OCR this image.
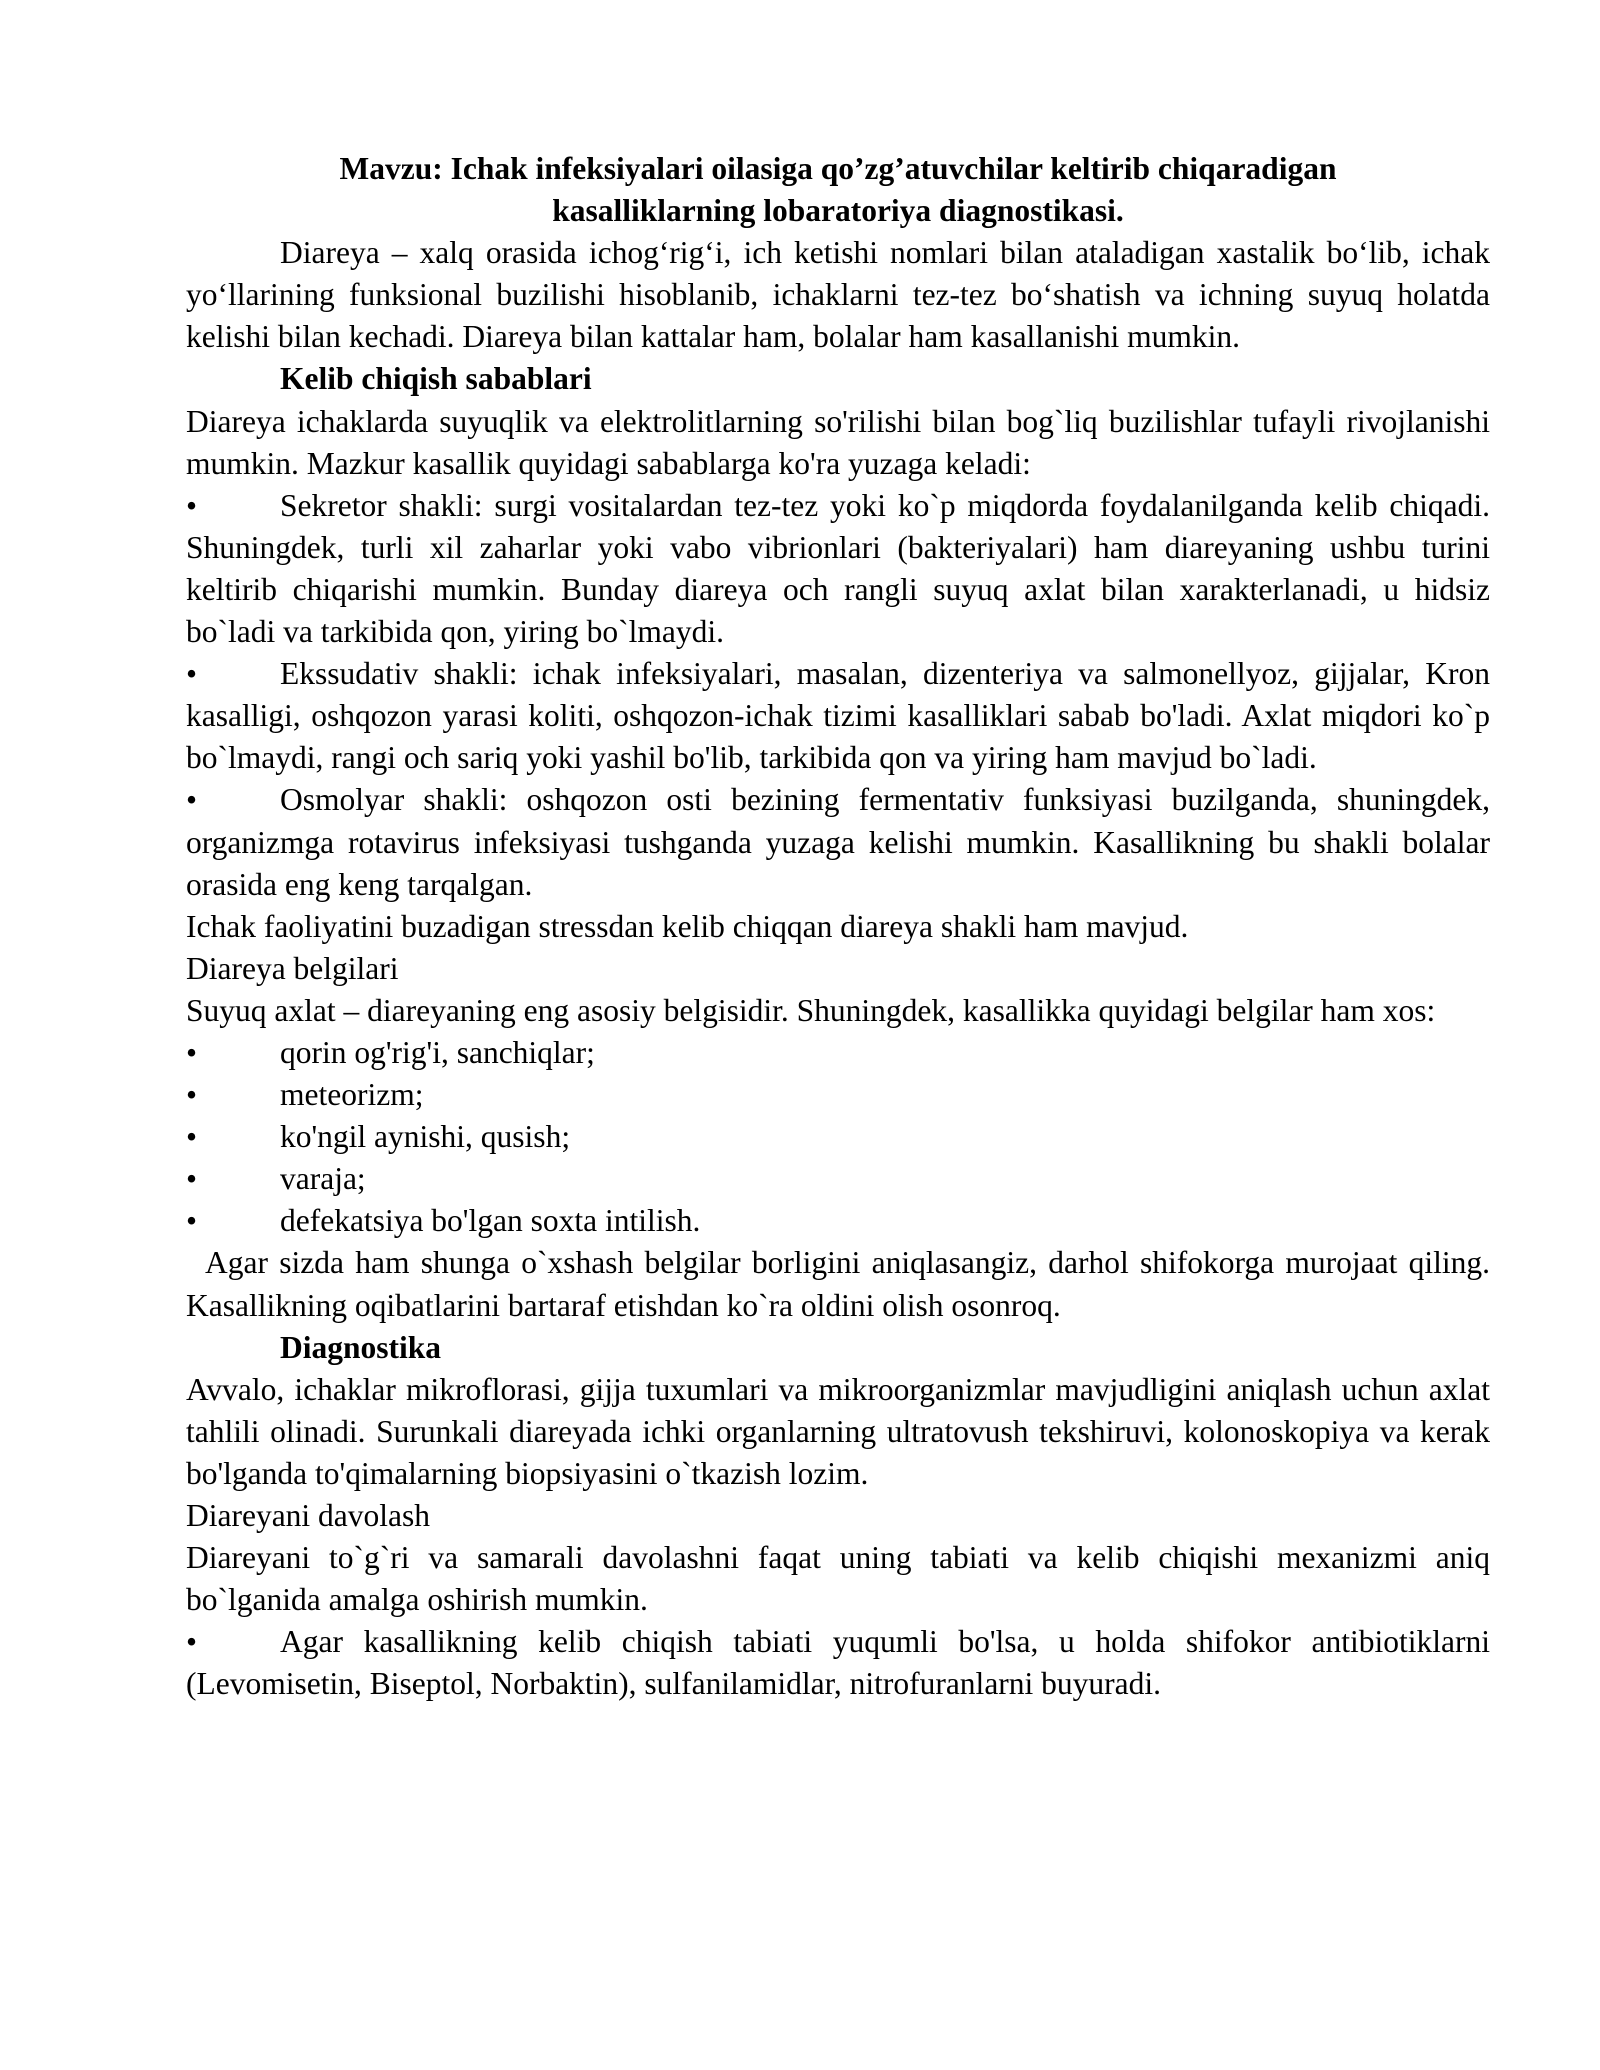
Mavzu: Ichak infeksiyalari oilasiga qo’zg’atuvchilar keltirib chiqaradigan
kasalliklarning lobaratoriya diagnostikasi.

Diareya – xalq orasida ichog‘rig‘i, ich ketishi nomlari bilan ataladigan xastalik bo‘lib, ichak yo‘llarining funksional buzilishi hisoblanib, ichaklarni tez-tez bo‘shatish va ichning suyuq holatda kelishi bilan kechadi. Diareya bilan kattalar ham, bolalar ham kasallanishi mumkin.

Kelib chiqish sabablari

Diareya ichaklarda suyuqlik va elektrolitlarning so'rilishi bilan bog`liq buzilishlar tufayli rivojlanishi mumkin. Mazkur kasallik quyidagi sabablarga ko'ra yuzaga keladi:

•	Sekretor shakli: surgi vositalardan tez-tez yoki ko`p miqdorda foydalanilganda kelib chiqadi. Shuningdek, turli xil zaharlar yoki vabo vibrionlari (bakteriyalari) ham diareyaning ushbu turini keltirib chiqarishi mumkin. Bunday diareya och rangli suyuq axlat bilan xarakterlanadi, u hidsiz bo`ladi va tarkibida qon, yiring bo`lmaydi.
•	Ekssudativ shakli: ichak infeksiyalari, masalan, dizenteriya va salmonellyoz, gijjalar, Kron kasalligi, oshqozon yarasi koliti, oshqozon-ichak tizimi kasalliklari sabab bo'ladi. Axlat miqdori ko`p bo`lmaydi, rangi och sariq yoki yashil bo'lib, tarkibida qon va yiring ham mavjud bo`ladi.
•	Osmolyar shakli: oshqozon osti bezining fermentativ funksiyasi buzilganda, shuningdek, organizmga rotavirus infeksiyasi tushganda yuzaga kelishi mumkin. Kasallikning bu shakli bolalar orasida eng keng tarqalgan.

Ichak faoliyatini buzadigan stressdan kelib chiqqan diareya shakli ham mavjud.

Diareya belgilari

Suyuq axlat – diareyaning eng asosiy belgisidir. Shuningdek, kasallikka quyidagi belgilar ham xos:

•	qorin og'rig'i, sanchiqlar;
•	meteorizm;
•	ko'ngil aynishi, qusish;
•	varaja;
•	defekatsiya bo'lgan soxta intilish.

Agar sizda ham shunga o`xshash belgilar borligini aniqlasangiz, darhol shifokorga murojaat qiling. Kasallikning oqibatlarini bartaraf etishdan ko`ra oldini olish osonroq.

Diagnostika

Avvalo, ichaklar mikroflorasi, gijja tuxumlari va mikroorganizmlar mavjudligini aniqlash uchun axlat tahlili olinadi. Surunkali diareyada ichki organlarning ultratovush tekshiruvi, kolonoskopiya va kerak bo'lganda to'qimalarning biopsiyasini o`tkazish lozim.

Diareyani davolash

Diareyani to`g`ri va samarali davolashni faqat uning tabiati va kelib chiqishi mexanizmi aniq bo`lganida amalga oshirish mumkin.

•	Agar kasallikning kelib chiqish tabiati yuqumli bo'lsa, u holda shifokor antibiotiklarni (Levomisetin, Biseptol, Norbaktin), sulfanilamidlar, nitrofuranlarni buyuradi.
